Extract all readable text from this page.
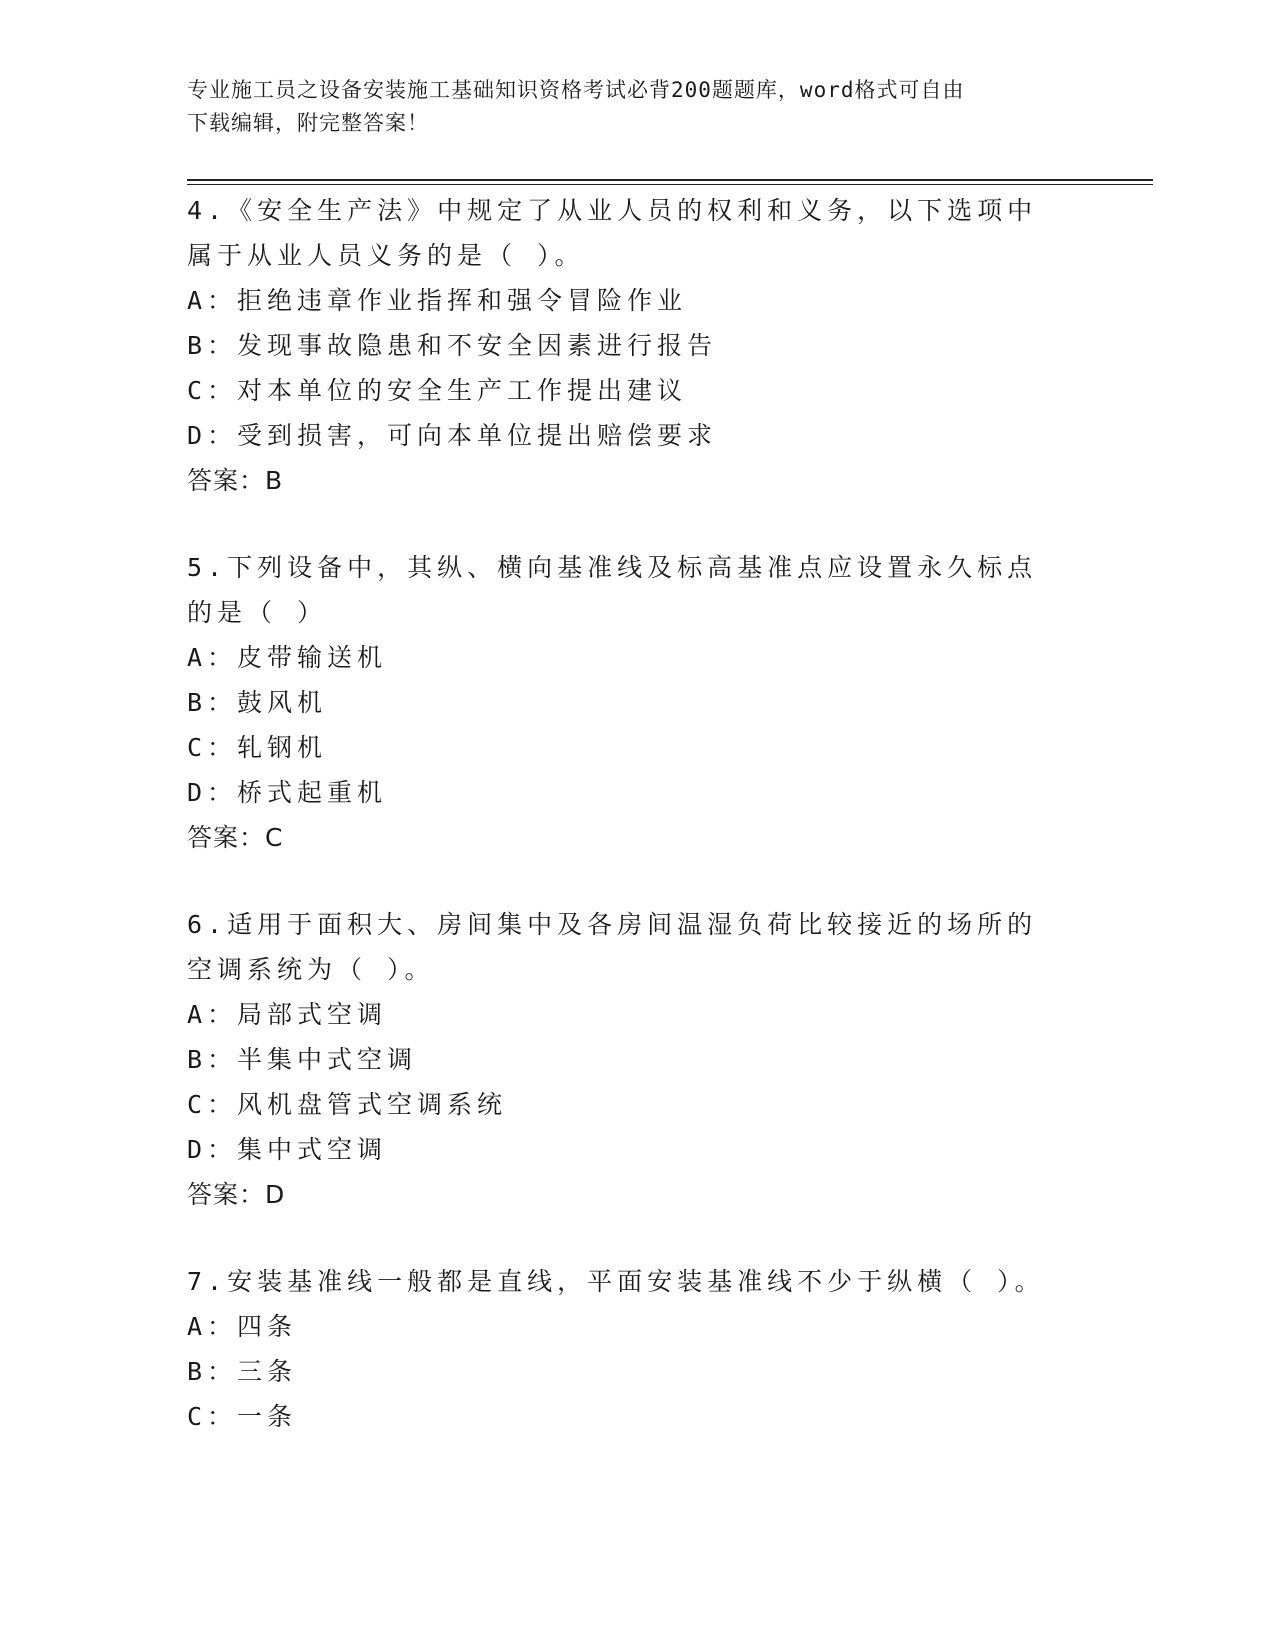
专业施工员之设备安装施工基础知识资格考试必背200题题库，word格式可自由
下载编辑，附完整答案！
4.《安全生产法》中规定了从业人员的权利和义务，以下选项中属于从业人员义务的是（ ）。
A：拒绝违章作业指挥和强令冒险作业
B：发现事故隐患和不安全因素进行报告
C：对本单位的安全生产工作提出建议
D：受到损害，可向本单位提出赔偿要求
答案：B
5.下列设备中，其纵、横向基准线及标高基准点应设置永久标点的是（ ）
A：皮带输送机
B：鼓风机
C：轧钢机
D：桥式起重机
答案：C
6.适用于面积大、房间集中及各房间温湿负荷比较接近的场所的空调系统为（ ）。
A：局部式空调
B：半集中式空调
C：风机盘管式空调系统
D：集中式空调
答案：D
7.安装基准线一般都是直线，平面安装基准线不少于纵横（ ）。
A：四条
B：三条
C：一条
